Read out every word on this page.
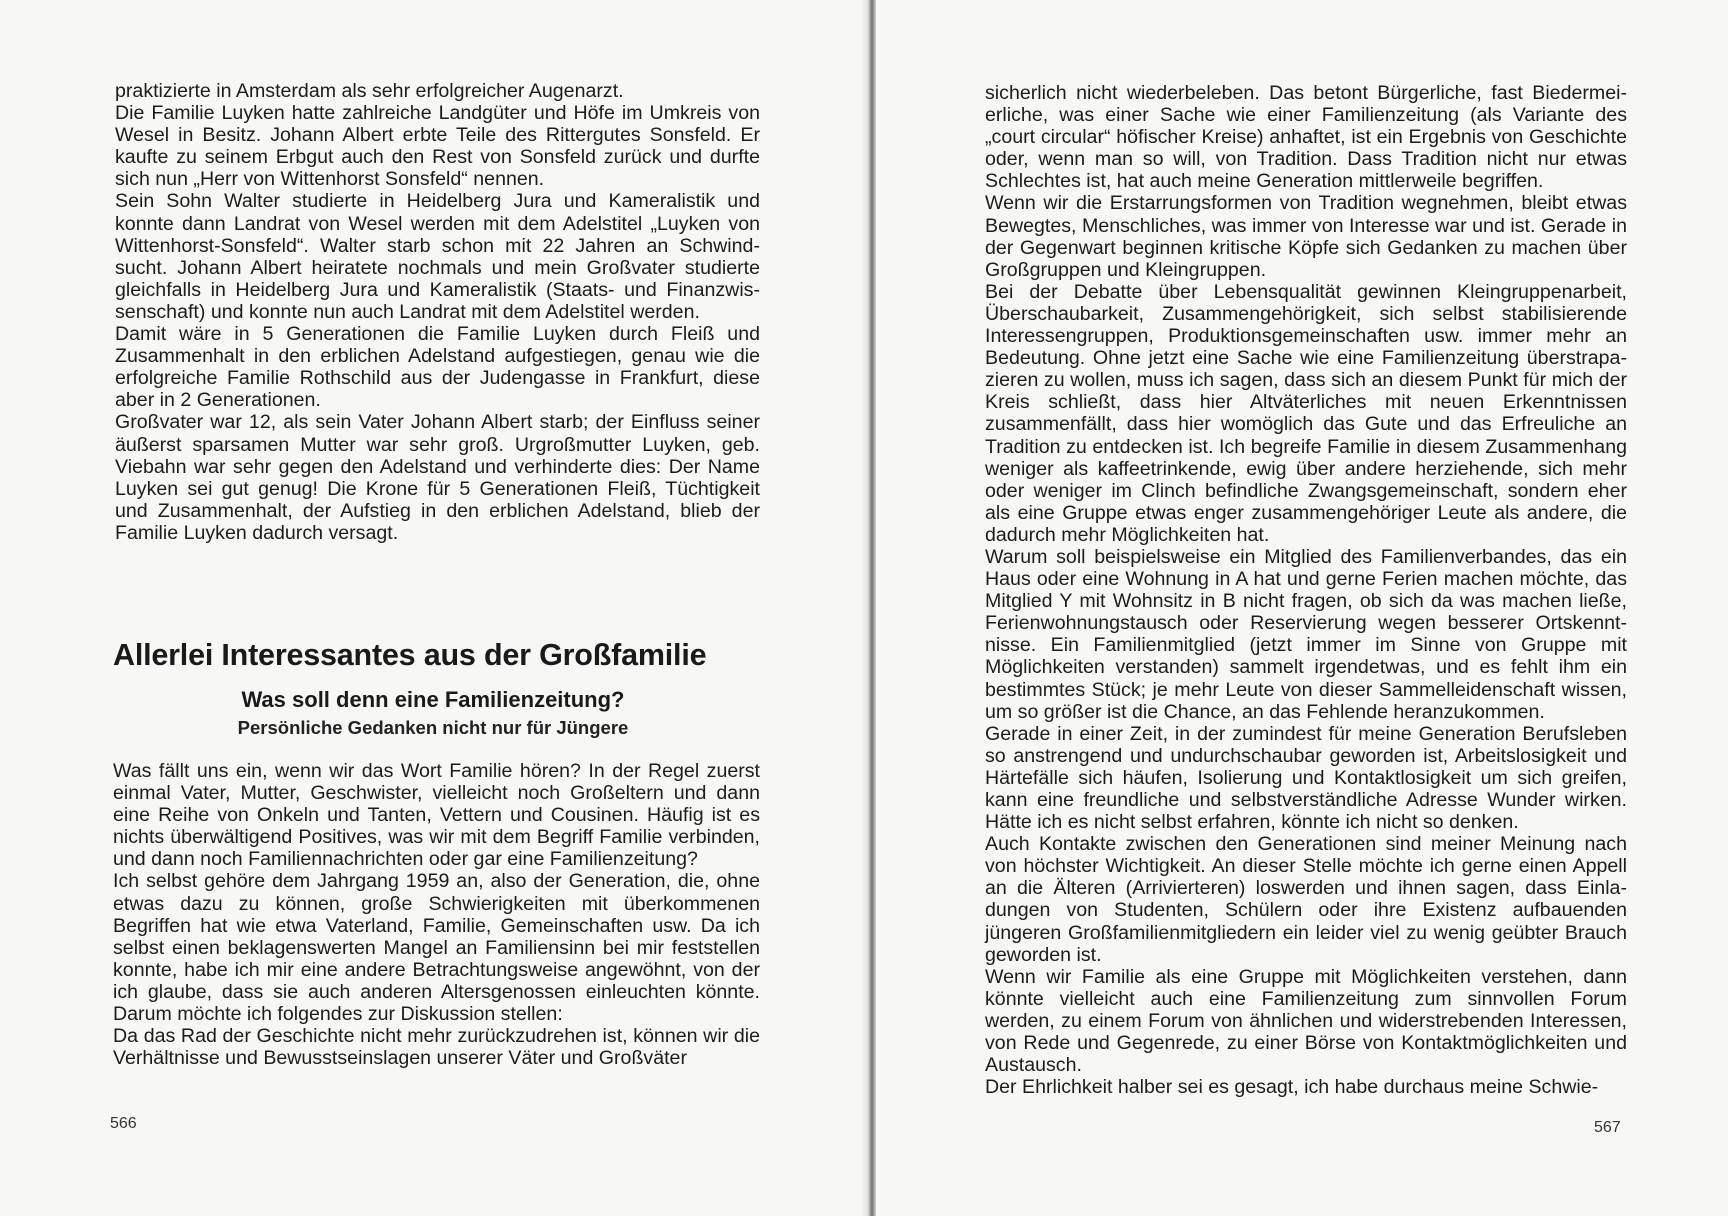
praktizierte in Amsterdam als sehr erfolgreicher Augenarzt.

Die Familie Luyken hatte zahlreiche Landgüter und Höfe im Umkreis von Wesel in Besitz. Johann Albert erbte Teile des Rittergutes Sonsfeld. Er kaufte zu seinem Erbgut auch den Rest von Sonsfeld zurück und durfte sich nun „Herr von Wittenhorst Sonsfeld“ nennen.

Sein Sohn Walter studierte in Heidelberg Jura und Kameralistik und konnte dann Landrat von Wesel werden mit dem Adelstitel „Luyken von Wittenhorst-Sonsfeld“. Walter starb schon mit 22 Jahren an Schwindsucht. Johann Albert heiratete nochmals und mein Großvater studierte gleichfalls in Heidelberg Jura und Kameralistik (Staats- und Finanzwissenschaft) und konnte nun auch Landrat mit dem Adelstitel werden.

Damit wäre in 5 Generationen die Familie Luyken durch Fleiß und Zusammenhalt in den erblichen Adelstand aufgestiegen, genau wie die erfolgreiche Familie Rothschild aus der Judengasse in Frankfurt, diese aber in 2 Generationen.

Großvater war 12, als sein Vater Johann Albert starb; der Einfluss seiner äußerst sparsamen Mutter war sehr groß. Urgroßmutter Luyken, geb. Viebahn war sehr gegen den Adelstand und verhinderte dies: Der Name Luyken sei gut genug! Die Krone für 5 Generationen Fleiß, Tüchtigkeit und Zusammenhalt, der Aufstieg in den erblichen Adelstand, blieb der Familie Luyken dadurch versagt.

Allerlei Interessantes aus der Großfamilie
Was soll denn eine Familienzeitung?
Persönliche Gedanken nicht nur für Jüngere

Was fällt uns ein, wenn wir das Wort Familie hören? In der Regel zuerst einmal Vater, Mutter, Geschwister, vielleicht noch Großeltern und dann eine Reihe von Onkeln und Tanten, Vettern und Cousinen. Häufig ist es nichts überwältigend Positives, was wir mit dem Begriff Familie verbinden, und dann noch Familiennachrichten oder gar eine Familienzeitung?

Ich selbst gehöre dem Jahrgang 1959 an, also der Generation, die, ohne etwas dazu zu können, große Schwierigkeiten mit überkommenen Begriffen hat wie etwa Vaterland, Familie, Gemeinschaften usw. Da ich selbst einen beklagenswerten Mangel an Familiensinn bei mir feststellen konnte, habe ich mir eine andere Betrachtungsweise angewöhnt, von der ich glaube, dass sie auch anderen Altersgenossen einleuchten könnte. Darum möchte ich folgendes zur Diskussion stellen:

Da das Rad der Geschichte nicht mehr zurückzudrehen ist, können wir die Verhältnisse und Bewusstseinslagen unserer Väter und Großväter

566

sicherlich nicht wiederbeleben. Das betont Bürgerliche, fast Biedermeierliche, was einer Sache wie einer Familienzeitung (als Variante des „court circular“ höfischer Kreise) anhaftet, ist ein Ergebnis von Geschichte oder, wenn man so will, von Tradition. Dass Tradition nicht nur etwas Schlechtes ist, hat auch meine Generation mittlerweile begriffen.

Wenn wir die Erstarrungsformen von Tradition wegnehmen, bleibt etwas Bewegtes, Menschliches, was immer von Interesse war und ist. Gerade in der Gegenwart beginnen kritische Köpfe sich Gedanken zu machen über Großgruppen und Kleingruppen.

Bei der Debatte über Lebensqualität gewinnen Kleingruppenarbeit, Überschaubarkeit, Zusammengehörigkeit, sich selbst stabilisierende Interessengruppen, Produktionsgemeinschaften usw. immer mehr an Bedeutung. Ohne jetzt eine Sache wie eine Familienzeitung überstrapazieren zu wollen, muss ich sagen, dass sich an diesem Punkt für mich der Kreis schließt, dass hier Altväterliches mit neuen Erkenntnissen zusammenfällt, dass hier womöglich das Gute und das Erfreuliche an Tradition zu entdecken ist. Ich begreife Familie in diesem Zusammenhang weniger als kaffeetrinkende, ewig über andere herziehende, sich mehr oder weniger im Clinch befindliche Zwangsgemeinschaft, sondern eher als eine Gruppe etwas enger zusammengehöriger Leute als andere, die dadurch mehr Möglichkeiten hat.

Warum soll beispielsweise ein Mitglied des Familienverbandes, das ein Haus oder eine Wohnung in A hat und gerne Ferien machen möchte, das Mitglied Y mit Wohnsitz in B nicht fragen, ob sich da was machen ließe, Ferienwohnungstausch oder Reservierung wegen besserer Ortskenntnisse. Ein Familienmitglied (jetzt immer im Sinne von Gruppe mit Möglichkeiten verstanden) sammelt irgendetwas, und es fehlt ihm ein bestimmtes Stück; je mehr Leute von dieser Sammelleidenschaft wissen, um so größer ist die Chance, an das Fehlende heranzukommen.

Gerade in einer Zeit, in der zumindest für meine Generation Berufsleben so anstrengend und undurchschaubar geworden ist, Arbeitslosigkeit und Härtefälle sich häufen, Isolierung und Kontaktlosigkeit um sich greifen, kann eine freundliche und selbstverständliche Adresse Wunder wirken. Hätte ich es nicht selbst erfahren, könnte ich nicht so denken.

Auch Kontakte zwischen den Generationen sind meiner Meinung nach von höchster Wichtigkeit. An dieser Stelle möchte ich gerne einen Appell an die Älteren (Arrivierteren) loswerden und ihnen sagen, dass Einladungen von Studenten, Schülern oder ihre Existenz aufbauenden jüngeren Großfamilienmitgliedern ein leider viel zu wenig geübter Brauch geworden ist.

Wenn wir Familie als eine Gruppe mit Möglichkeiten verstehen, dann könnte vielleicht auch eine Familienzeitung zum sinnvollen Forum werden, zu einem Forum von ähnlichen und widerstrebenden Interessen, von Rede und Gegenrede, zu einer Börse von Kontaktmöglichkeiten und Austausch.

Der Ehrlichkeit halber sei es gesagt, ich habe durchaus meine Schwie-

567
